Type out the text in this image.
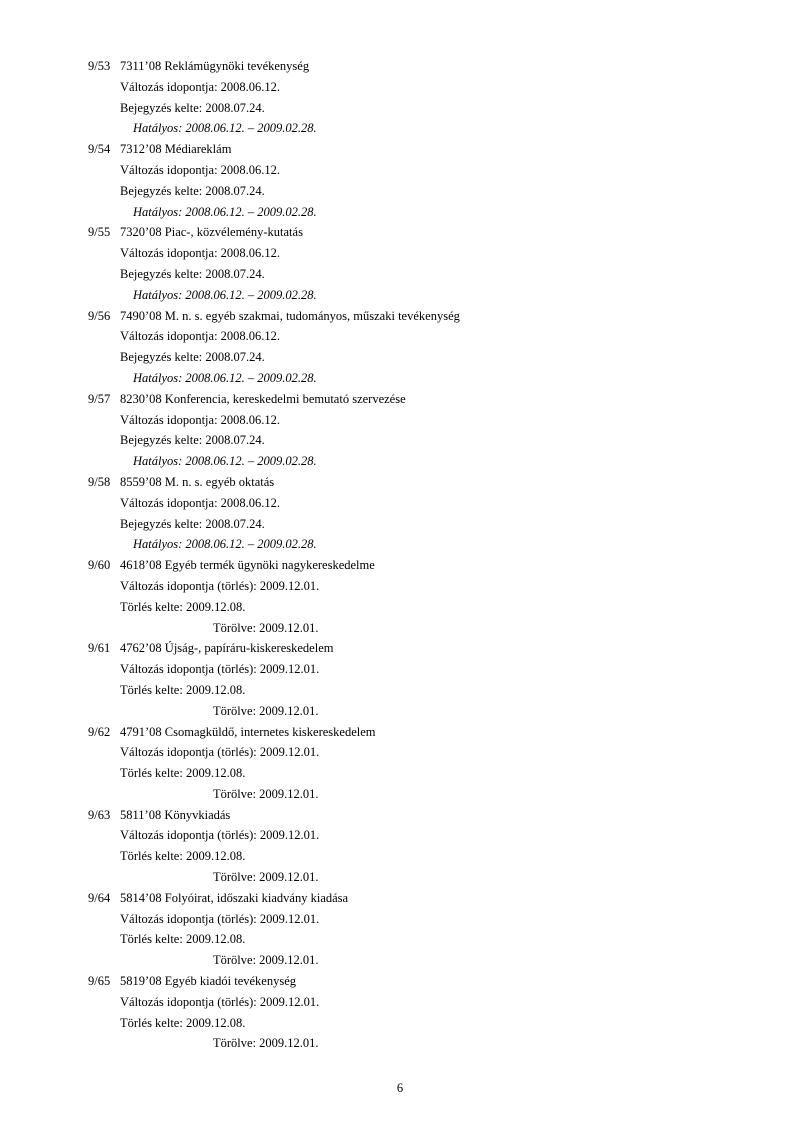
9/53 7311’08 Reklámügynöki tevékenység
Változás idopontja: 2008.06.12.
Bejegyzés kelte: 2008.07.24.
Hatályos: 2008.06.12. – 2009.02.28.
9/54 7312’08 Médiareklám
Változás idopontja: 2008.06.12.
Bejegyzés kelte: 2008.07.24.
Hatályos: 2008.06.12. – 2009.02.28.
9/55 7320’08 Piac-, közvélemény-kutatás
Változás idopontja: 2008.06.12.
Bejegyzés kelte: 2008.07.24.
Hatályos: 2008.06.12. – 2009.02.28.
9/56 7490’08 M. n. s. egyéb szakmai, tudományos, műszaki tevékenység
Változás idopontja: 2008.06.12.
Bejegyzés kelte: 2008.07.24.
Hatályos: 2008.06.12. – 2009.02.28.
9/57 8230’08 Konferencia, kereskedelmi bemutató szervezése
Változás idopontja: 2008.06.12.
Bejegyzés kelte: 2008.07.24.
Hatályos: 2008.06.12. – 2009.02.28.
9/58 8559’08 M. n. s. egyéb oktatás
Változás idopontja: 2008.06.12.
Bejegyzés kelte: 2008.07.24.
Hatályos: 2008.06.12. – 2009.02.28.
9/60 4618’08 Egyéb termék ügynöki nagykereskedelme
Változás idopontja (törlés): 2009.12.01.
Törlés kelte: 2009.12.08.
Törölve: 2009.12.01.
9/61 4762’08 Újság-, papíráru-kiskereskedelem
Változás idopontja (törlés): 2009.12.01.
Törlés kelte: 2009.12.08.
Törölve: 2009.12.01.
9/62 4791’08 Csomagküldő, internetes kiskereskedelem
Változás idopontja (törlés): 2009.12.01.
Törlés kelte: 2009.12.08.
Törölve: 2009.12.01.
9/63 5811’08 Könyvkiadás
Változás idopontja (törlés): 2009.12.01.
Törlés kelte: 2009.12.08.
Törölve: 2009.12.01.
9/64 5814’08 Folyóirat, időszaki kiadvány kiadása
Változás idopontja (törlés): 2009.12.01.
Törlés kelte: 2009.12.08.
Törölve: 2009.12.01.
9/65 5819’08 Egyéb kiadói tevékenység
Változás idopontja (törlés): 2009.12.01.
Törlés kelte: 2009.12.08.
Törölve: 2009.12.01.
6
